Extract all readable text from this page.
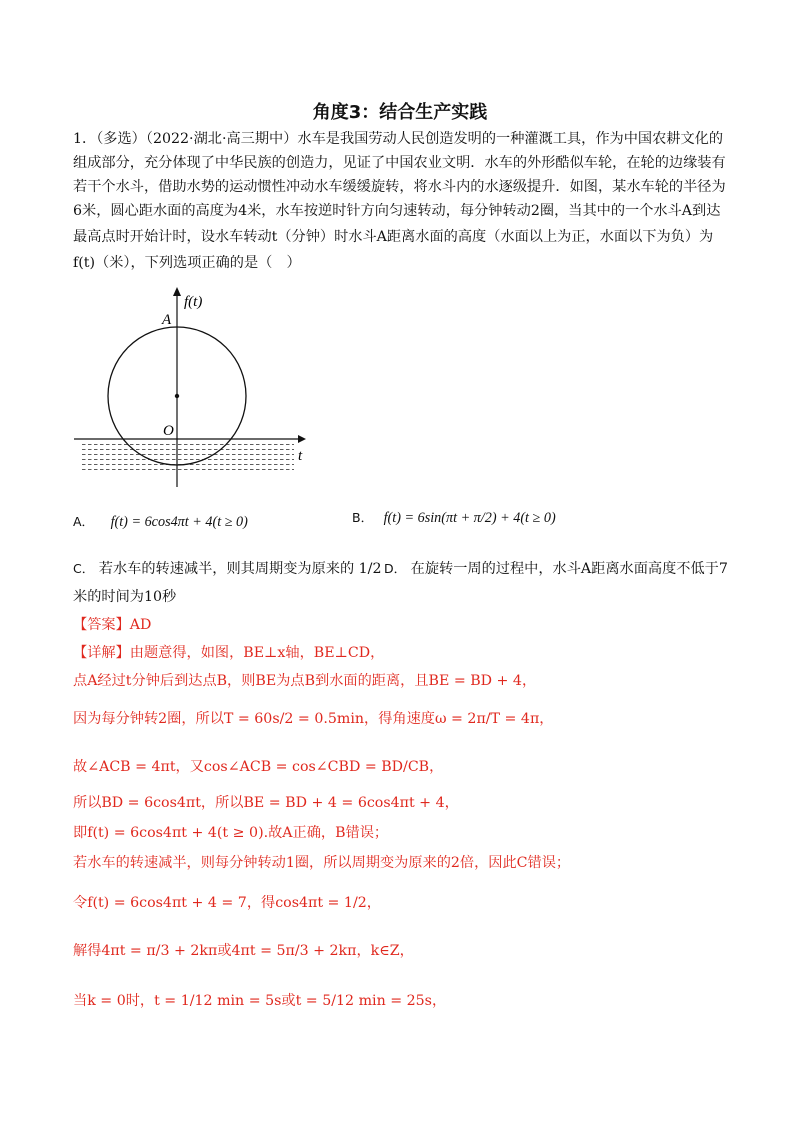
角度3：结合生产实践
1．（多选）（2022·湖北·高三期中）水车是我国劳动人民创造发明的一种灌溉工具，作为中国农耕文化的
组成部分，充分体现了中华民族的创造力，见证了中国农业文明．水车的外形酷似车轮，在轮的边缘装有
若干个水斗，借助水势的运动惯性冲动水车缓缓旋转，将水斗内的水逐级提升．如图，某水车轮的半径为
6米，圆心距水面的高度为4米，水车按逆时针方向匀速转动，每分钟转动2圈，当其中的一个水斗A到达
最高点时开始计时，设水车转动t（分钟）时水斗A距离水面的高度（水面以上为正，水面以下为负）为
f(t)（米），下列选项正确的是（　）
f(t)
t
A
O
A． f(t) = 6cos4πt + 4(t ≥ 0)	B． f(t) = 6sin(πt + π/2) + 4(t ≥ 0)
C． 若水车的转速减半，则其周期变为原来的 1/2 D． 在旋转一周的过程中，水斗A距离水面高度不低于7
米的时间为10秒
【答案】AD
【详解】由题意得，如图，BE⊥x轴，BE⊥CD，
点A经过t分钟后到达点B，则BE为点B到水面的距离，且BE = BD + 4，
因为每分钟转2圈，所以T = 60s/2 = 0.5min，得角速度ω = 2π/T = 4π，
故∠ACB = 4πt，又cos∠ACB = cos∠CBD = BD/CB，
所以BD = 6cos4πt，所以BE = BD + 4 = 6cos4πt + 4，
即f(t) = 6cos4πt + 4(t ≥ 0).故A正确，B错误；
若水车的转速减半，则每分钟转动1圈，所以周期变为原来的2倍，因此C错误；
令f(t) = 6cos4πt + 4 = 7，得cos4πt = 1/2，
解得4πt = π/3 + 2kπ或4πt = 5π/3 + 2kπ，k∈Z，
当k = 0时，t = 1/12 min = 5s或t = 5/12 min = 25s，
